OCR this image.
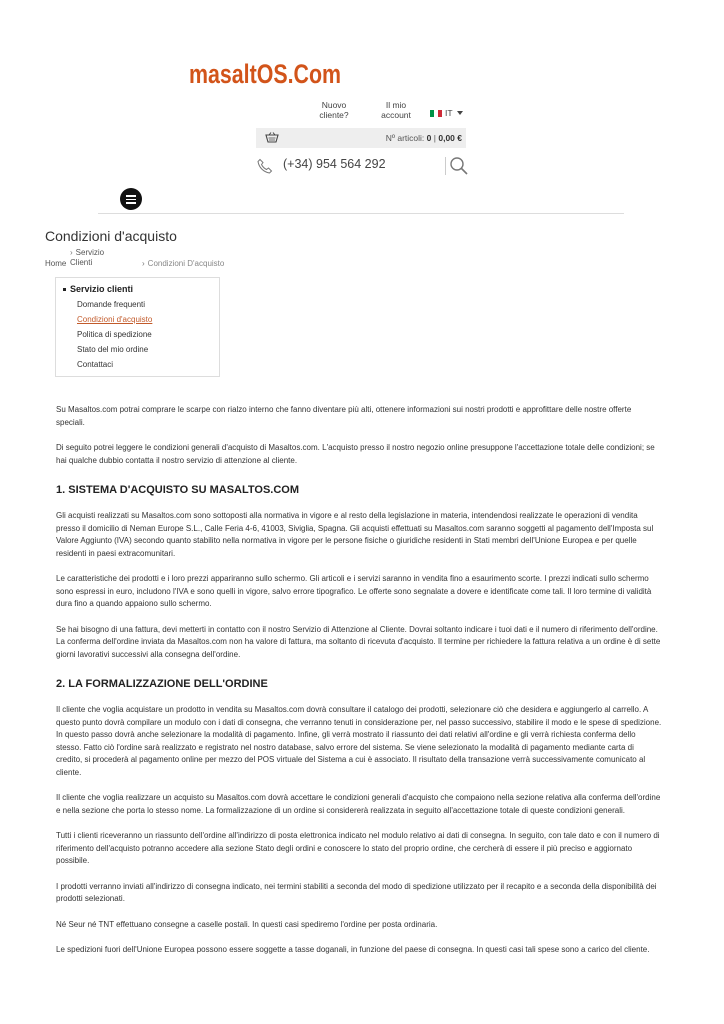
masaltOS.Com
Nuovo cliente?
Il mio account	IT
Nº articoli: 0 | 0,00 €
(+34) 954 564 292
Condizioni d'acquisto
Home
› Servizio Clienti	› Condizioni D'acquisto
Servizio clienti
Domande frequenti
Condizioni d'acquisto
Politica di spedizione
Stato del mio ordine
Contattaci

Su Masaltos.com potrai comprare le scarpe con rialzo interno che fanno diventare più alti, ottenere informazioni sui nostri prodotti e approfittare delle nostre offerte speciali.

Di seguito potrei leggere le condizioni generali d'acquisto di Masaltos.com. L'acquisto presso il nostro negozio online presuppone l'accettazione totale delle condizioni; se hai qualche dubbio contatta il nostro servizio di attenzione al cliente.

1. SISTEMA D'ACQUISTO SU MASALTOS.COM

Gli acquisti realizzati su Masaltos.com sono sottoposti alla normativa in vigore e al resto della legislazione in materia, intendendosi realizzate le operazioni di vendita presso il domicilio di Neman Europe S.L., Calle Feria 4-6, 41003, Siviglia, Spagna. Gli acquisti effettuati su Masaltos.com saranno soggetti al pagamento dell'Imposta sul Valore Aggiunto (IVA) secondo quanto stabilito nella normativa in vigore per le persone fisiche o giuridiche residenti in Stati membri dell'Unione Europea e per quelle residenti in paesi extracomunitari.

Le caratteristiche dei prodotti e i loro prezzi appariranno sullo schermo. Gli articoli e i servizi saranno in vendita fino a esaurimento scorte. I prezzi indicati sullo schermo sono espressi in euro, includono l'IVA e sono quelli in vigore, salvo errore tipografico. Le offerte sono segnalate a dovere e identificate come tali. Il loro termine di validità dura fino a quando appaiono sullo schermo.

Se hai bisogno di una fattura, devi metterti in contatto con il nostro Servizio di Attenzione al Cliente. Dovrai soltanto indicare i tuoi dati e il numero di riferimento dell'ordine. La conferma dell'ordine inviata da Masaltos.com non ha valore di fattura, ma soltanto di ricevuta d'acquisto. Il termine per richiedere la fattura relativa a un ordine è di sette giorni lavorativi successivi alla consegna dell'ordine.

2. LA FORMALIZZAZIONE DELL'ORDINE

Il cliente che voglia acquistare un prodotto in vendita su Masaltos.com dovrà consultare il catalogo dei prodotti, selezionare ciò che desidera e aggiungerlo al carrello. A questo punto dovrà compilare un modulo con i dati di consegna, che verranno tenuti in considerazione per, nel passo successivo, stabilire il modo e le spese di spedizione. In questo passo dovrà anche selezionare la modalità di pagamento. Infine, gli verrà mostrato il riassunto dei dati relativi all'ordine e gli verrà richiesta conferma dello stesso. Fatto ciò l'ordine sarà realizzato e registrato nel nostro database, salvo errore del sistema. Se viene selezionato la modalità di pagamento mediante carta di credito, si procederà al pagamento online per mezzo del POS virtuale del Sistema a cui è associato. Il risultato della transazione verrà successivamente comunicato al cliente.

Il cliente che voglia realizzare un acquisto su Masaltos.com dovrà accettare le condizioni generali d'acquisto che compaiono nella sezione relativa alla conferma dell'ordine e nella sezione che porta lo stesso nome. La formalizzazione di un ordine si considererà realizzata in seguito all'accettazione totale di queste condizioni generali.

Tutti i clienti riceveranno un riassunto dell'ordine all'indirizzo di posta elettronica indicato nel modulo relativo ai dati di consegna. In seguito, con tale dato e con il numero di riferimento dell'acquisto potranno accedere alla sezione Stato degli ordini e conoscere lo stato del proprio ordine, che cercherà di essere il più preciso e aggiornato possibile.

I prodotti verranno inviati all'indirizzo di consegna indicato, nei termini stabiliti a seconda del modo di spedizione utilizzato per il recapito e a seconda della disponibilità dei prodotti selezionati.

Né Seur né TNT effettuano consegne a caselle postali. In questi casi spediremo l'ordine per posta ordinaria.

Le spedizioni fuori dell'Unione Europea possono essere soggette a tasse doganali, in funzione del paese di consegna. In questi casi tali spese sono a carico del cliente.
